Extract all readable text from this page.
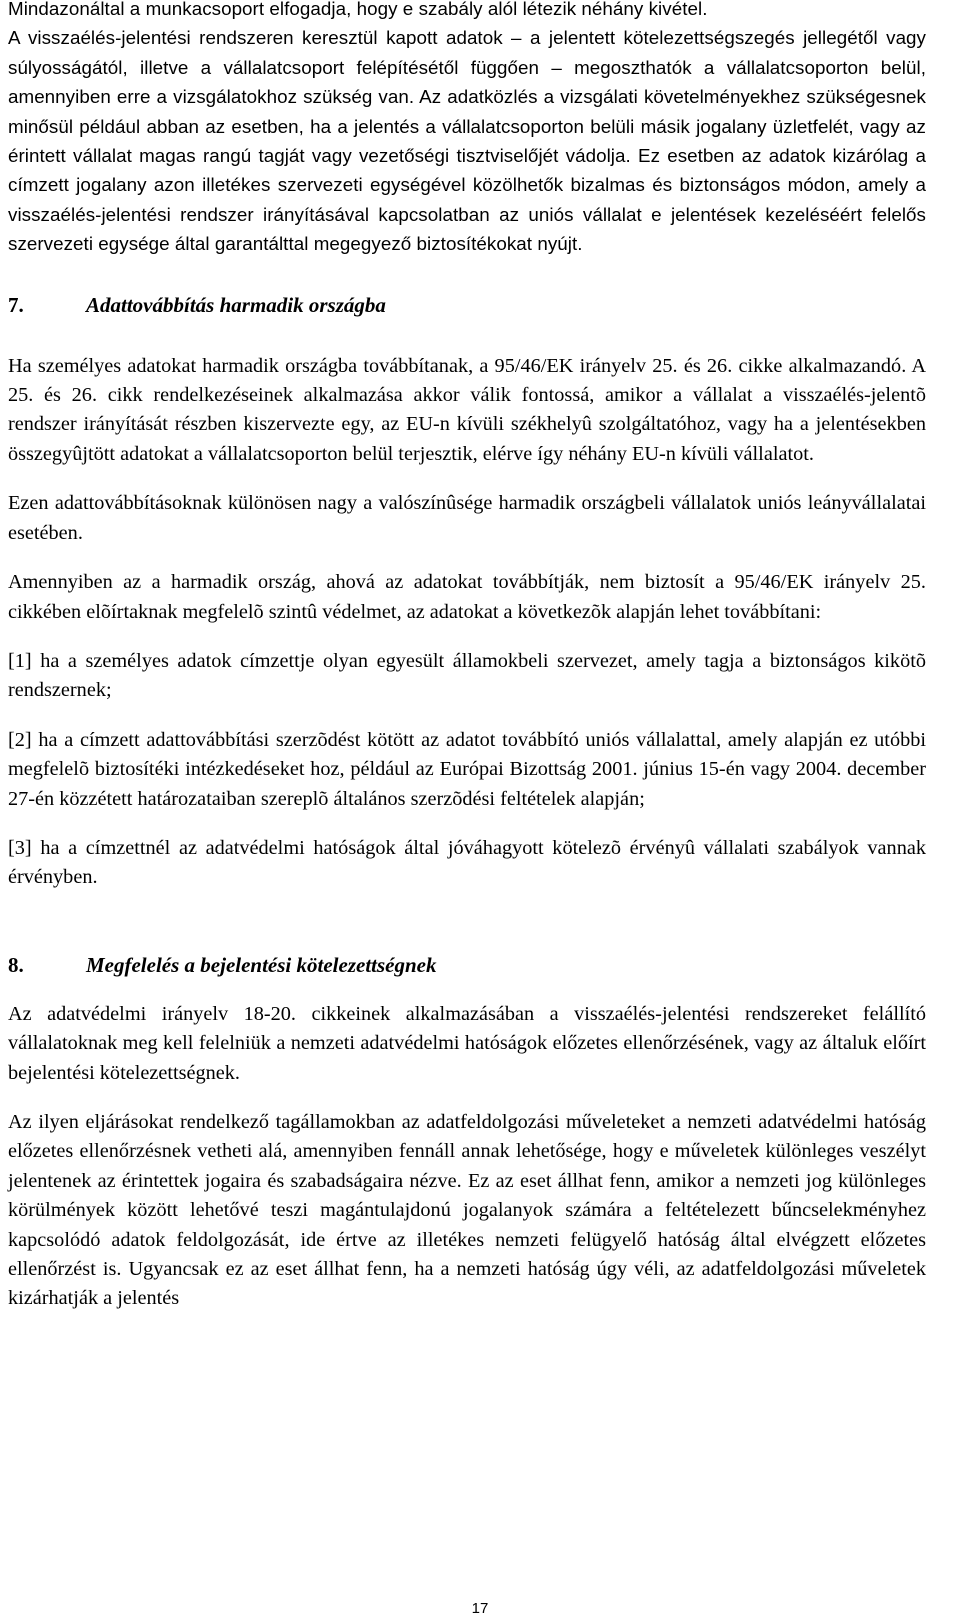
Mindazonáltal a munkacsoport elfogadja, hogy e szabály alól létezik néhány kivétel.

A visszaélés-jelentési rendszeren keresztül kapott adatok – a jelentett kötelezettségszegés jellegétől vagy súlyosságától, illetve a vállalatcsoport felépítésétől függően – megoszthatók a vállalatcsoporton belül, amennyiben erre a vizsgálatokhoz szükség van. Az adatközlés a vizsgálati követelményekhez szükségesnek minősül például abban az esetben, ha a jelentés a vállalatcsoporton belüli másik jogalany üzletfelét, vagy az érintett vállalat magas rangú tagját vagy vezetőségi tisztviselőjét vádolja. Ez esetben az adatok kizárólag a címzett jogalany azon illetékes szervezeti egységével közölhetők bizalmas és biztonságos módon, amely a visszaélés-jelentési rendszer irányításával kapcsolatban az uniós vállalat e jelentések kezeléséért felelős szervezeti egysége által garantálttal megegyező biztosítékokat nyújt.

7.	Adattovábbítás harmadik országba

Ha személyes adatokat harmadik országba továbbítanak, a 95/46/EK irányelv 25. és 26. cikke alkalmazandó. A 25. és 26. cikk rendelkezéseinek alkalmazása akkor válik fontossá, amikor a vállalat a visszaélés-jelentõ rendszer irányítását részben kiszervezte egy, az EU-n kívüli székhelyû szolgáltatóhoz, vagy ha a jelentésekben összegyûjtött adatokat a vállalatcsoporton belül terjesztik, elérve így néhány EU-n kívüli vállalatot.

Ezen adattovábbításoknak különösen nagy a valószínûsége harmadik országbeli vállalatok uniós leányvállalatai esetében.

Amennyiben az a harmadik ország, ahová az adatokat továbbítják, nem biztosít a 95/46/EK irányelv 25. cikkében elõírtaknak megfelelõ szintû védelmet, az adatokat a következõk alapján lehet továbbítani:

[1] ha a személyes adatok címzettje olyan egyesült államokbeli szervezet, amely tagja a biztonságos kikötõ rendszernek;

[2] ha a címzett adattovábbítási szerzõdést kötött az adatot továbbító uniós vállalattal, amely alapján ez utóbbi megfelelõ biztosítéki intézkedéseket hoz, például az Európai Bizottság 2001. június 15-én vagy 2004. december 27-én közzétett határozataiban szereplõ általános szerzõdési feltételek alapján;

[3] ha a címzettnél az adatvédelmi hatóságok által jóváhagyott kötelezõ érvényû vállalati szabályok vannak érvényben.

8.	Megfelelés a bejelentési kötelezettségnek

Az adatvédelmi irányelv 18-20. cikkeinek alkalmazásában a visszaélés-jelentési rendszereket felállító vállalatoknak meg kell felelniük a nemzeti adatvédelmi hatóságok előzetes ellenőrzésének, vagy az általuk előírt bejelentési kötelezettségnek.

Az ilyen eljárásokat rendelkező tagállamokban az adatfeldolgozási műveleteket a nemzeti adatvédelmi hatóság előzetes ellenőrzésnek vetheti alá, amennyiben fennáll annak lehetősége, hogy e műveletek különleges veszélyt jelentenek az érintettek jogaira és szabadságaira nézve. Ez az eset állhat fenn, amikor a nemzeti jog különleges körülmények között lehetővé teszi magántulajdonú jogalanyok számára a feltételezett bűncselekményhez kapcsolódó adatok feldolgozását, ide értve az illetékes nemzeti felügyelő hatóság által elvégzett előzetes ellenőrzést is. Ugyancsak ez az eset állhat fenn, ha a nemzeti hatóság úgy véli, az adatfeldolgozási műveletek kizárhatják a jelentés

17
